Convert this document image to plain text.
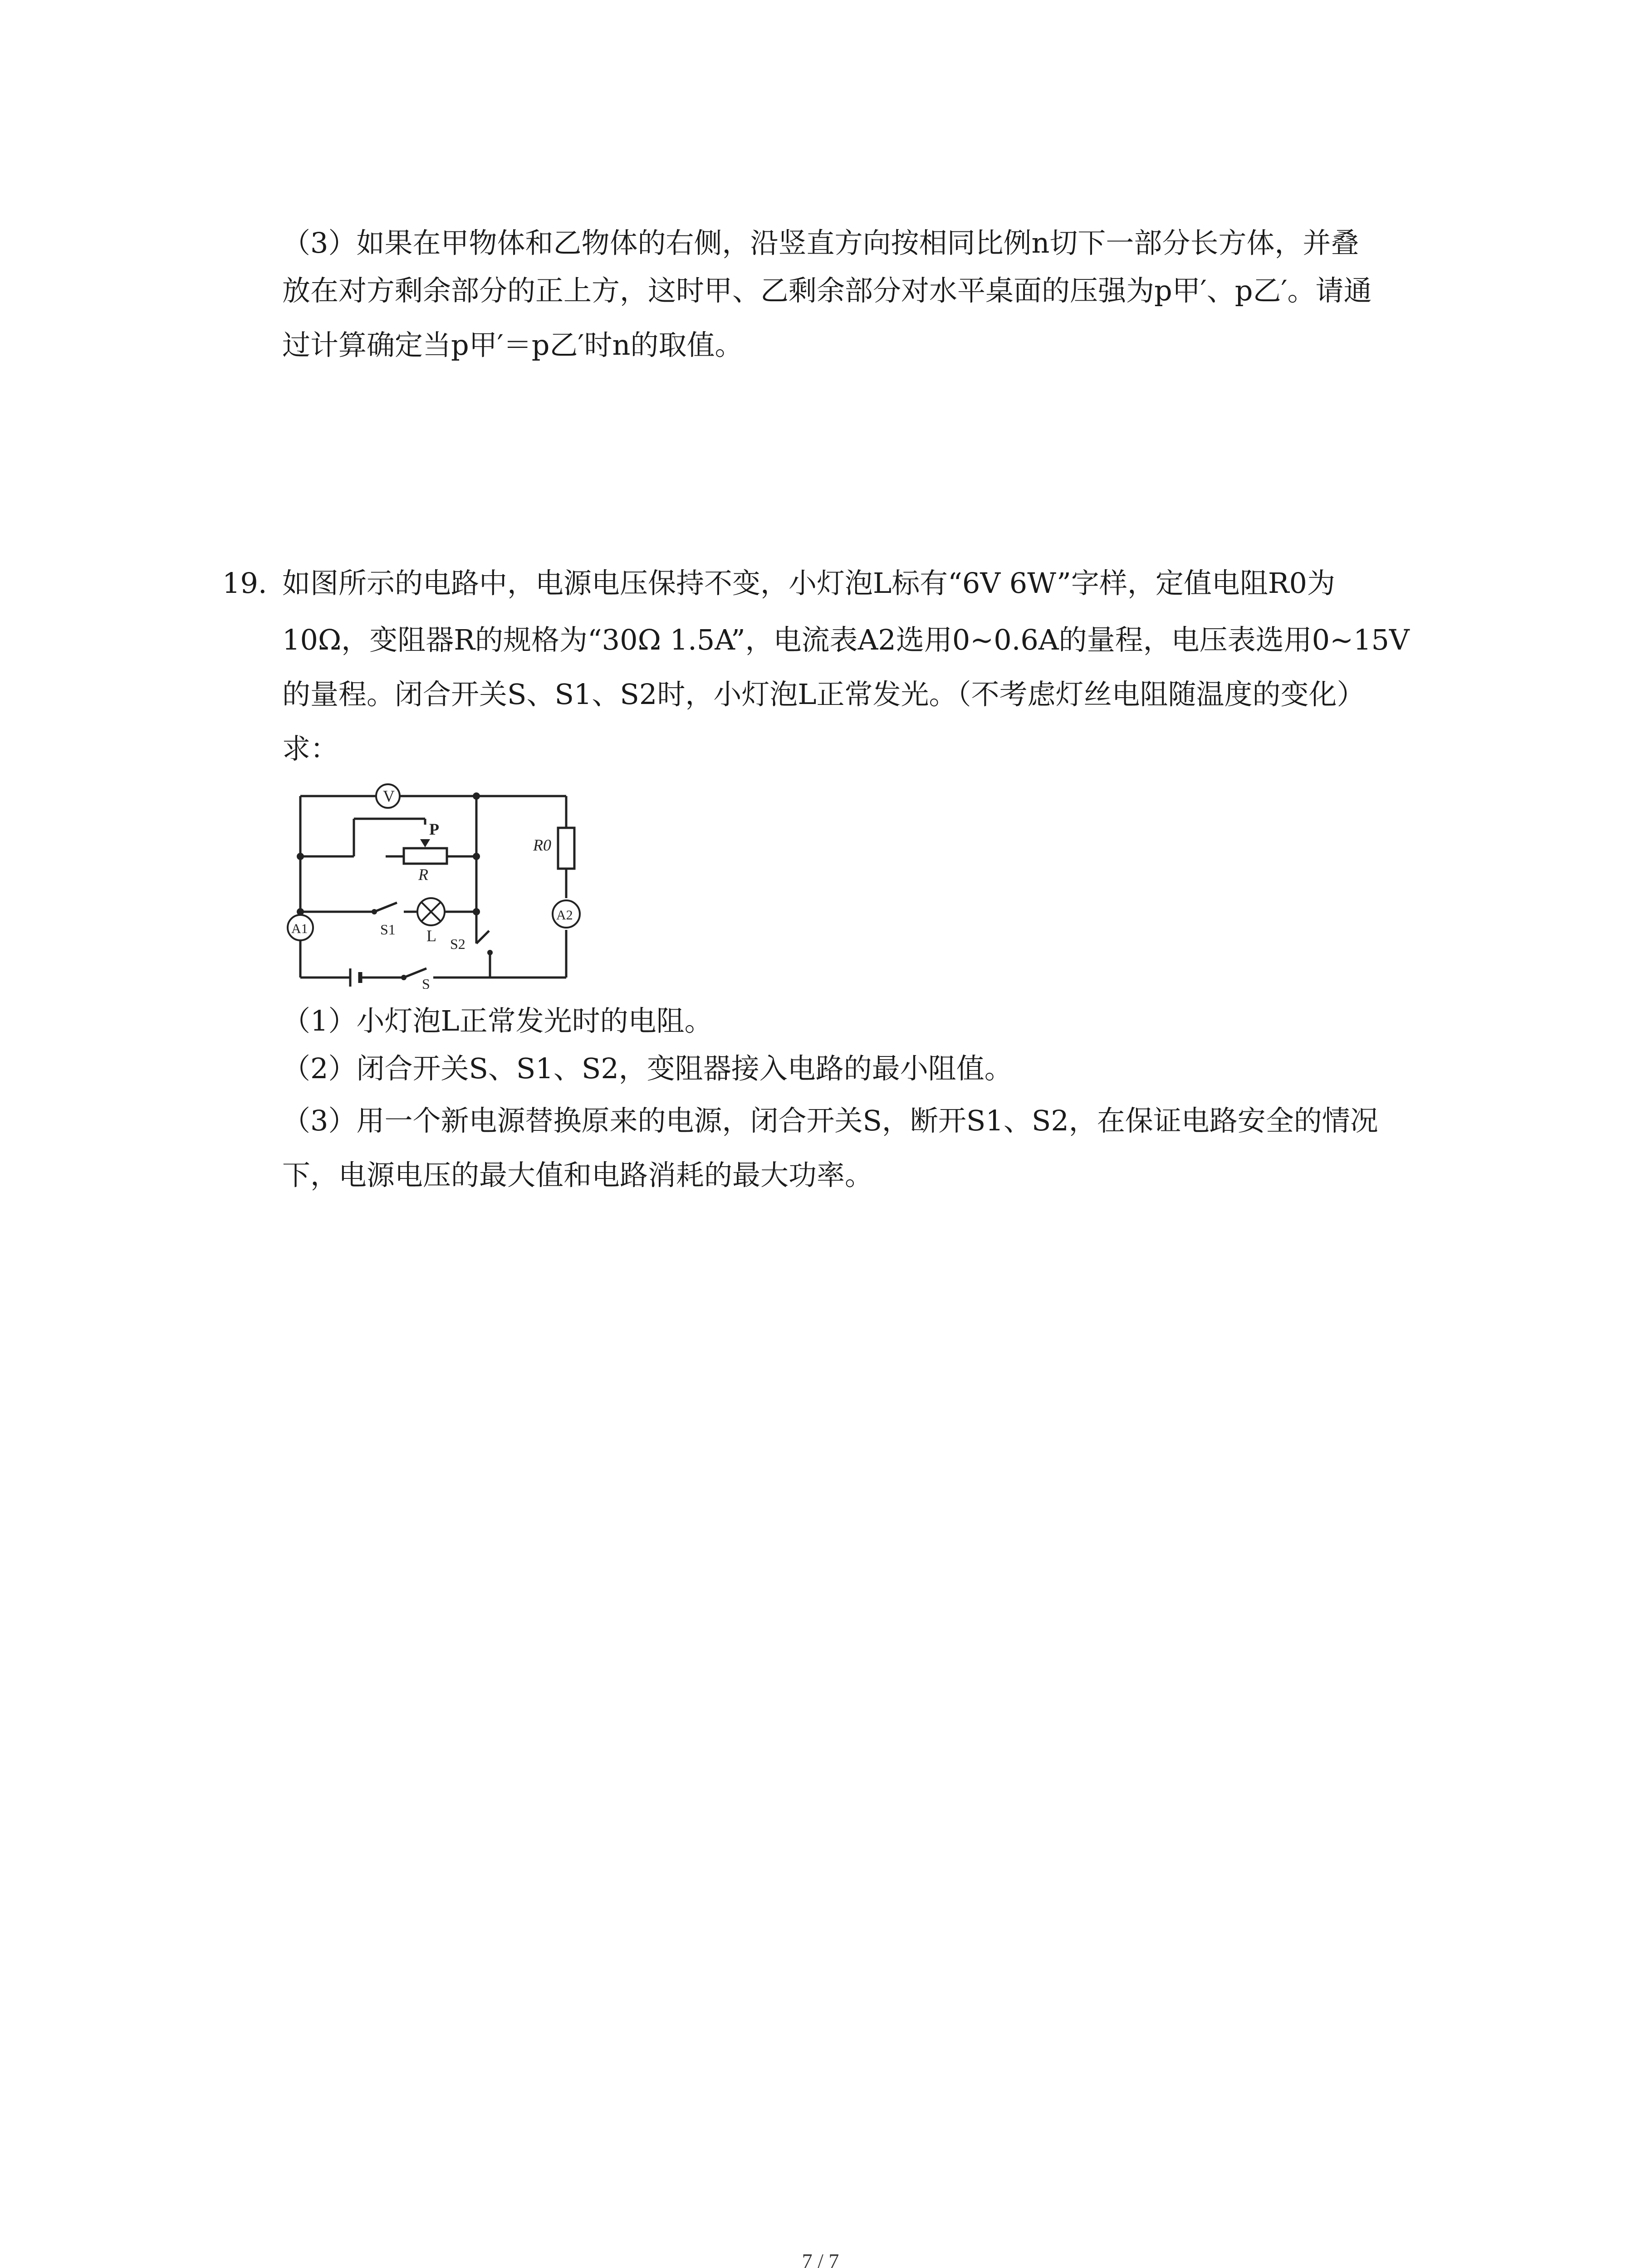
（3）如果在甲物体和乙物体的右侧，沿竖直方向按相同比例n切下一部分长方体，并叠
放在对方剩余部分的正上方，这时甲、乙剩余部分对水平桌面的压强为p甲′、p乙′。请通
过计算确定当p甲′＝p乙′时n的取值。
19. 如图所示的电路中，电源电压保持不变，小灯泡L标有“6V 6W”字样，定值电阻R0为
10Ω，变阻器R的规格为“30Ω 1.5A”，电流表A2选用0~0.6A的量程，电压表选用0~15V
的量程。闭合开关S、S1、S2时，小灯泡L正常发光。（不考虑灯丝电阻随温度的变化）
求：
V
P
R
R0
A1
A2
S1
S2
S
L
（1）小灯泡L正常发光时的电阻。
（2）闭合开关S、S1、S2，变阻器接入电路的最小阻值。
（3）用一个新电源替换原来的电源，闭合开关S，断开S1、S2，在保证电路安全的情况
下，电源电压的最大值和电路消耗的最大功率。
7 / 7
